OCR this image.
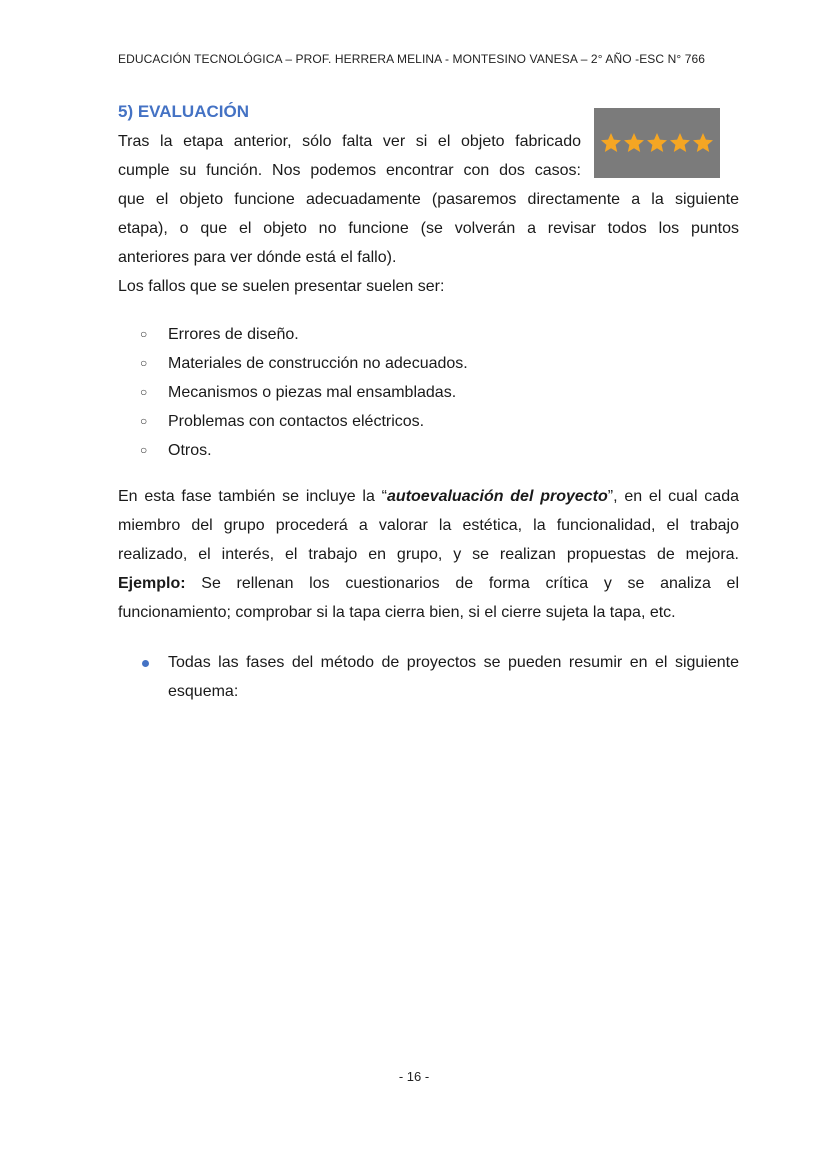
EDUCACIÓN TECNOLÓGICA – PROF. HERRERA MELINA - MONTESINO VANESA – 2° AÑO -ESC N° 766
5) EVALUACIÓN
Tras la etapa anterior, sólo falta ver si el objeto fabricado
cumple su función. Nos podemos encontrar con dos casos:
que el objeto funcione adecuadamente (pasaremos directamente a la siguiente
etapa), o que el objeto no funcione (se volverán a revisar todos los puntos
anteriores para ver dónde está el fallo).
Los fallos que se suelen presentar suelen ser:
○ Errores de diseño.
○ Materiales de construcción no adecuados.
○ Mecanismos o piezas mal ensambladas.
○ Problemas con contactos eléctricos.
○ Otros.
En esta fase también se incluye la “autoevaluación del proyecto”, en el cual cada
miembro del grupo procederá a valorar la estética, la funcionalidad, el trabajo
realizado, el interés, el trabajo en grupo, y se realizan propuestas de mejora.
Ejemplo: Se rellenan los cuestionarios de forma crítica y se analiza el
funcionamiento; comprobar si la tapa cierra bien, si el cierre sujeta la tapa, etc.
Todas las fases del método de proyectos se pueden resumir en el siguiente
esquema:
- 16 -
